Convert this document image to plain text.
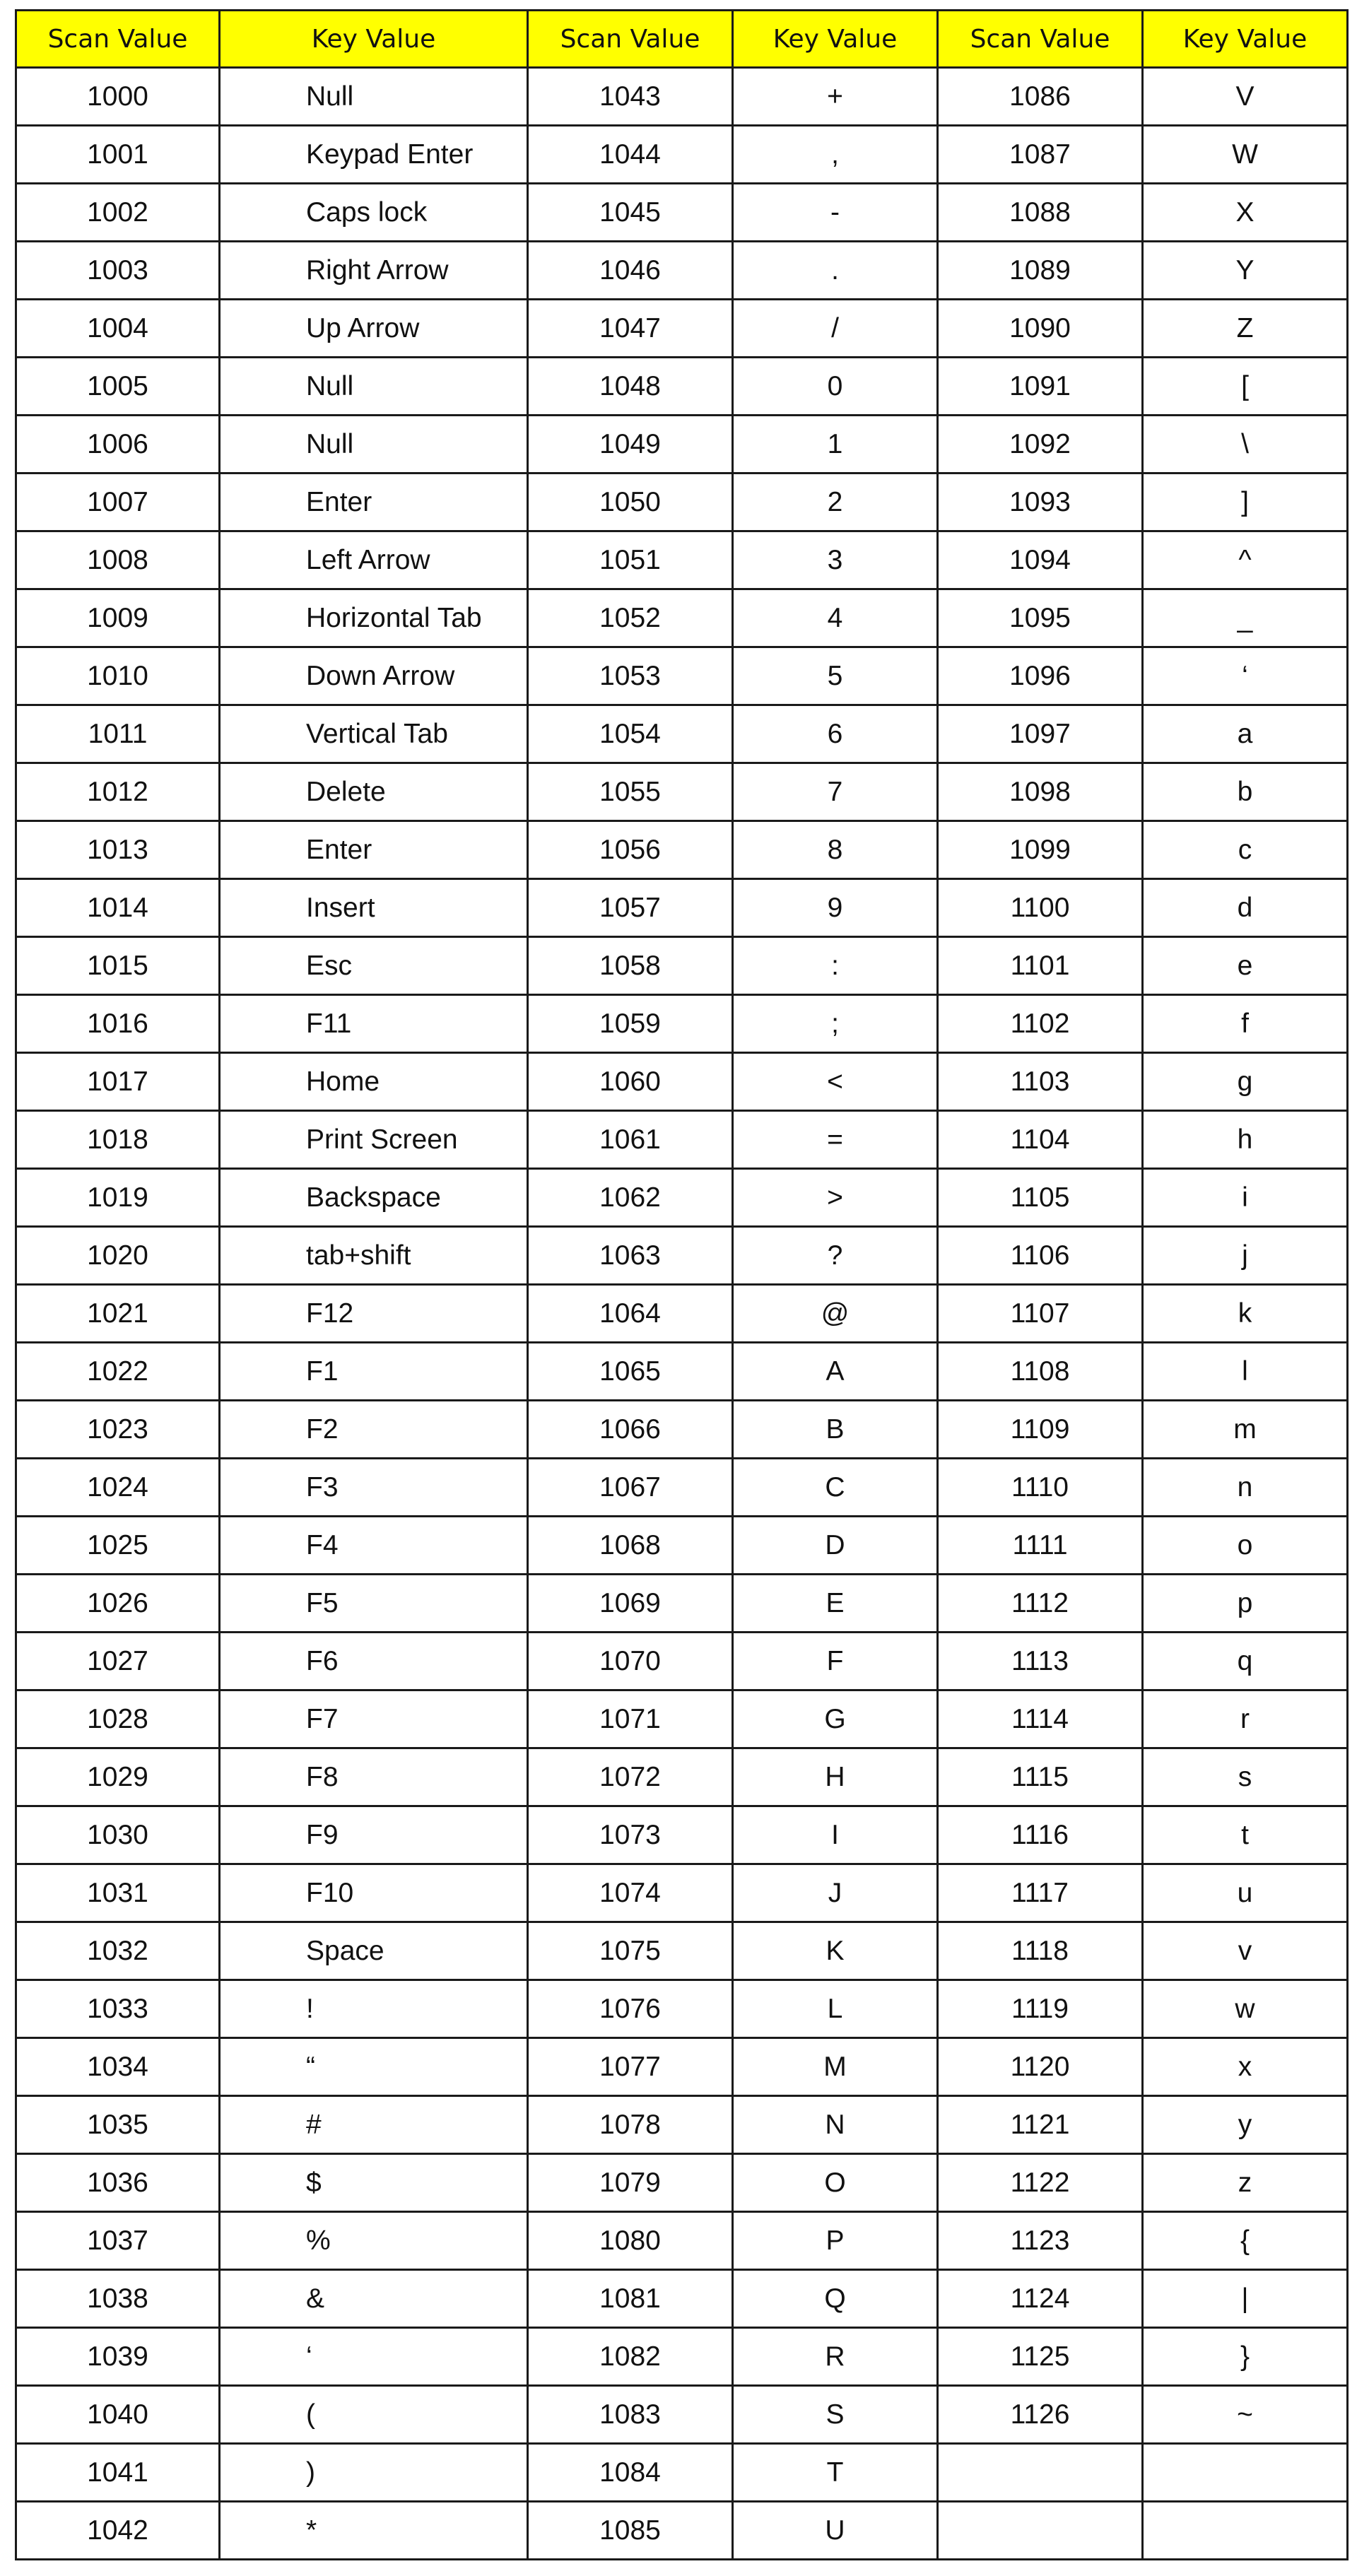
Scan Value	Key Value	Scan Value	Key Value	Scan Value	Key Value
1000	Null	1043	+	1086	V
1001	Keypad Enter	1044	,	1087	W
1002	Caps lock	1045	-	1088	X
1003	Right Arrow	1046	.	1089	Y
1004	Up Arrow	1047	/	1090	Z
1005	Null	1048	0	1091	[
1006	Null	1049	1	1092	\
1007	Enter	1050	2	1093	]
1008	Left Arrow	1051	3	1094	^
1009	Horizontal Tab	1052	4	1095	_
1010	Down Arrow	1053	5	1096	‘
1011	Vertical Tab	1054	6	1097	a
1012	Delete	1055	7	1098	b
1013	Enter	1056	8	1099	c
1014	Insert	1057	9	1100	d
1015	Esc	1058	:	1101	e
1016	F11	1059	;	1102	f
1017	Home	1060	<	1103	g
1018	Print Screen	1061	=	1104	h
1019	Backspace	1062	>	1105	i
1020	tab+shift	1063	?	1106	j
1021	F12	1064	@	1107	k
1022	F1	1065	A	1108	l
1023	F2	1066	B	1109	m
1024	F3	1067	C	1110	n
1025	F4	1068	D	1111	o
1026	F5	1069	E	1112	p
1027	F6	1070	F	1113	q
1028	F7	1071	G	1114	r
1029	F8	1072	H	1115	s
1030	F9	1073	I	1116	t
1031	F10	1074	J	1117	u
1032	Space	1075	K	1118	v
1033	!	1076	L	1119	w
1034	“	1077	M	1120	x
1035	#	1078	N	1121	y
1036	$	1079	O	1122	z
1037	%	1080	P	1123	{
1038	&	1081	Q	1124	|
1039	‘	1082	R	1125	}
1040	(	1083	S	1126	~
1041	)	1084	T		
1042	*	1085	U		
